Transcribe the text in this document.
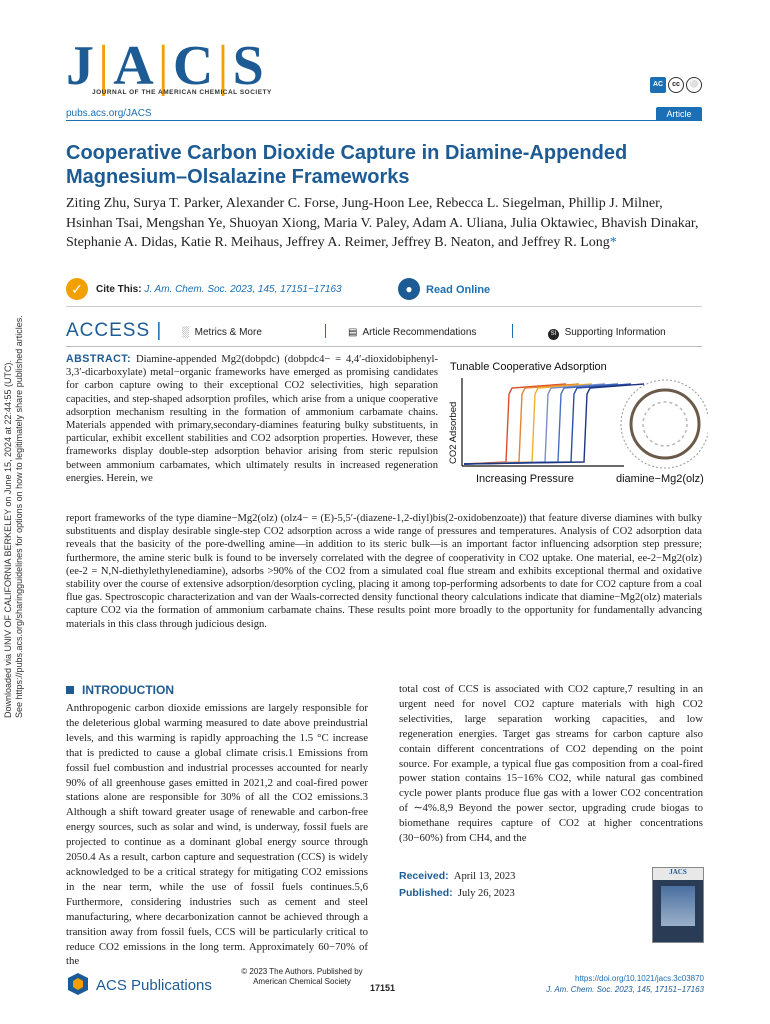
J|A|C|S
JOURNAL OF THE AMERICAN CHEMICAL SOCIETY
AC	cc	⚪
pubs.acs.org/JACS	Article
Cooperative Carbon Dioxide Capture in Diamine-Appended Magnesium–Olsalazine Frameworks
Ziting Zhu, Surya T. Parker, Alexander C. Forse, Jung-Hoon Lee, Rebecca L. Siegelman, Phillip J. Milner, Hsinhan Tsai, Mengshan Ye, Shuoyan Xiong, Maria V. Paley, Adam A. Uliana, Julia Oktawiec, Bhavish Dinakar, Stephanie A. Didas, Katie R. Meihaus, Jeffrey A. Reimer, Jeffrey B. Neaton, and Jeffrey R. Long*
✓	Cite This: J. Am. Chem. Soc. 2023, 145, 17151−17163	●	Read Online
ACCESS | ░ Metrics & More	▤ Article Recommendations	SI Supporting Information
ABSTRACT: Diamine-appended Mg2(dobpdc) (dobpdc4− = 4,4′-dioxidobiphenyl-3,3′-dicarboxylate) metal−organic frameworks have emerged as promising candidates for carbon capture owing to their exceptional CO2 selectivities, high separation capacities, and step-shaped adsorption profiles, which arise from a unique cooperative adsorption mechanism resulting in the formation of ammonium carbamate chains. Materials appended with primary,secondary-diamines featuring bulky substituents, in particular, exhibit excellent stabilities and CO2 adsorption properties. However, these frameworks display double-step adsorption behavior arising from steric repulsion between ammonium carbamates, which ultimately results in increased regeneration energies. Herein, we
report frameworks of the type diamine−Mg2(olz) (olz4− = (E)-5,5′-(diazene-1,2-diyl)bis(2-oxidobenzoate)) that feature diverse diamines with bulky substituents and display desirable single-step CO2 adsorption across a wide range of pressures and temperatures. Analysis of CO2 adsorption data reveals that the basicity of the pore-dwelling amine—in addition to its steric bulk—is an important factor influencing adsorption step pressure; furthermore, the amine steric bulk is found to be inversely correlated with the degree of cooperativity in CO2 uptake. One material, ee-2−Mg2(olz) (ee-2 = N,N-diethylethylenediamine), adsorbs >90% of the CO2 from a simulated coal flue stream and exhibits exceptional thermal and oxidative stability over the course of extensive adsorption/desorption cycling, placing it among top-performing adsorbents to date for CO2 capture from a coal flue gas. Spectroscopic characterization and van der Waals-corrected density functional theory calculations indicate that diamine−Mg2(olz) materials capture CO2 via the formation of ammonium carbamate chains. These results point more broadly to the opportunity for fundamentally advancing materials in this class through judicious design.
Tunable Cooperative Adsorption
CO2 Adsorbed
Increasing Pressure	diamine−Mg2(olz)
Downloaded via UNIV OF CALIFORNIA BERKELEY on June 15, 2024 at 22:44:55 (UTC). See https://pubs.acs.org/sharingguidelines for options on how to legitimately share published articles.	INTRODUCTION
Anthropogenic carbon dioxide emissions are largely responsible for the deleterious global warming measured to date above preindustrial levels, and this warming is rapidly approaching the 1.5 °C increase that is predicted to cause a global climate crisis.1 Emissions from fossil fuel combustion and industrial processes accounted for nearly 90% of all greenhouse gases emitted in 2021,2 and coal-fired power stations alone are responsible for 30% of all the CO2 emissions.3 Although a shift toward greater usage of renewable and carbon-free energy sources, such as solar and wind, is underway, fossil fuels are projected to continue as a dominant global energy source through 2050.4 As a result, carbon capture and sequestration (CCS) is widely acknowledged to be a critical strategy for mitigating CO2 emissions in the near term, while the use of fossil fuels continues.5,6 Furthermore, considering industries such as cement and steel manufacturing, where decarbonization cannot be achieved through a transition away from fossil fuels, CCS will be particularly critical to reduce CO2 emissions in the long term. Approximately 60−70% of the
total cost of CCS is associated with CO2 capture,7 resulting in an urgent need for novel CO2 capture materials with high CO2 selectivities, large separation working capacities, and low regeneration energies. Target gas streams for carbon capture also contain different concentrations of CO2 depending on the point source. For example, a typical flue gas composition from a coal-fired power station contains 15−16% CO2, while natural gas combined cycle power plants produce flue gas with a lower CO2 concentration of ∼4%.8,9 Beyond the power sector, upgrading crude biogas to biomethane requires capture of CO2 at higher concentrations (30−60%) from CH4, and the
Received: April 13, 2023
Published: July 26, 2023
JACS
ACS Publications
© 2023 The Authors. Published by American Chemical Society
17151
https://doi.org/10.1021/jacs.3c03870
J. Am. Chem. Soc. 2023, 145, 17151−17163
